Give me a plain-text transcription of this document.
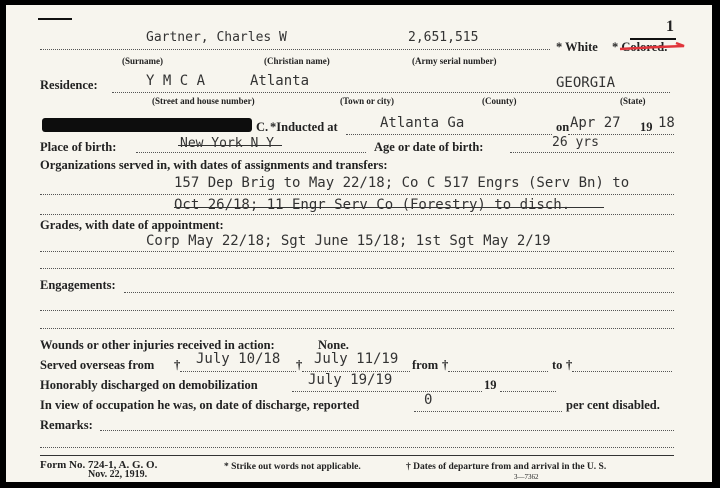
1
Gartner, Charles W	2,651,515
* White * Colored.
(Surname)	(Christian name)	(Army serial number)
Residence:	Y M C A	Atlanta	GEORGIA
(Street and house number)	(Town or city)	(County)	(State)
C. *Inducted at	Atlanta Ga	on Apr 27 19 18
Place of birth:	New York N Y	Age or date of birth:	26 yrs
Organizations served in, with dates of assignments and transfers:
157 Dep Brig to May 22/18; Co C 517 Engrs (Serv Bn) to
Oct 26/18; 11 Engr Serv Co (Forestry) to disch.
Grades, with date of appointment:
Corp May 22/18; Sgt June 15/18; 1st Sgt May 2/19
Engagements:
Wounds or other injuries received in action:	None.
Served overseas from † July 10/18 † July 11/19 from †	to †
Honorably discharged on demobilization	July 19/19	19
In view of occupation he was, on date of discharge, reported	0	per cent disabled.
Remarks:
Form No. 724-1, A. G. O.
Nov. 22, 1919.
* Strike out words not applicable.	† Dates of departure from and arrival in the U. S.
3—7362
